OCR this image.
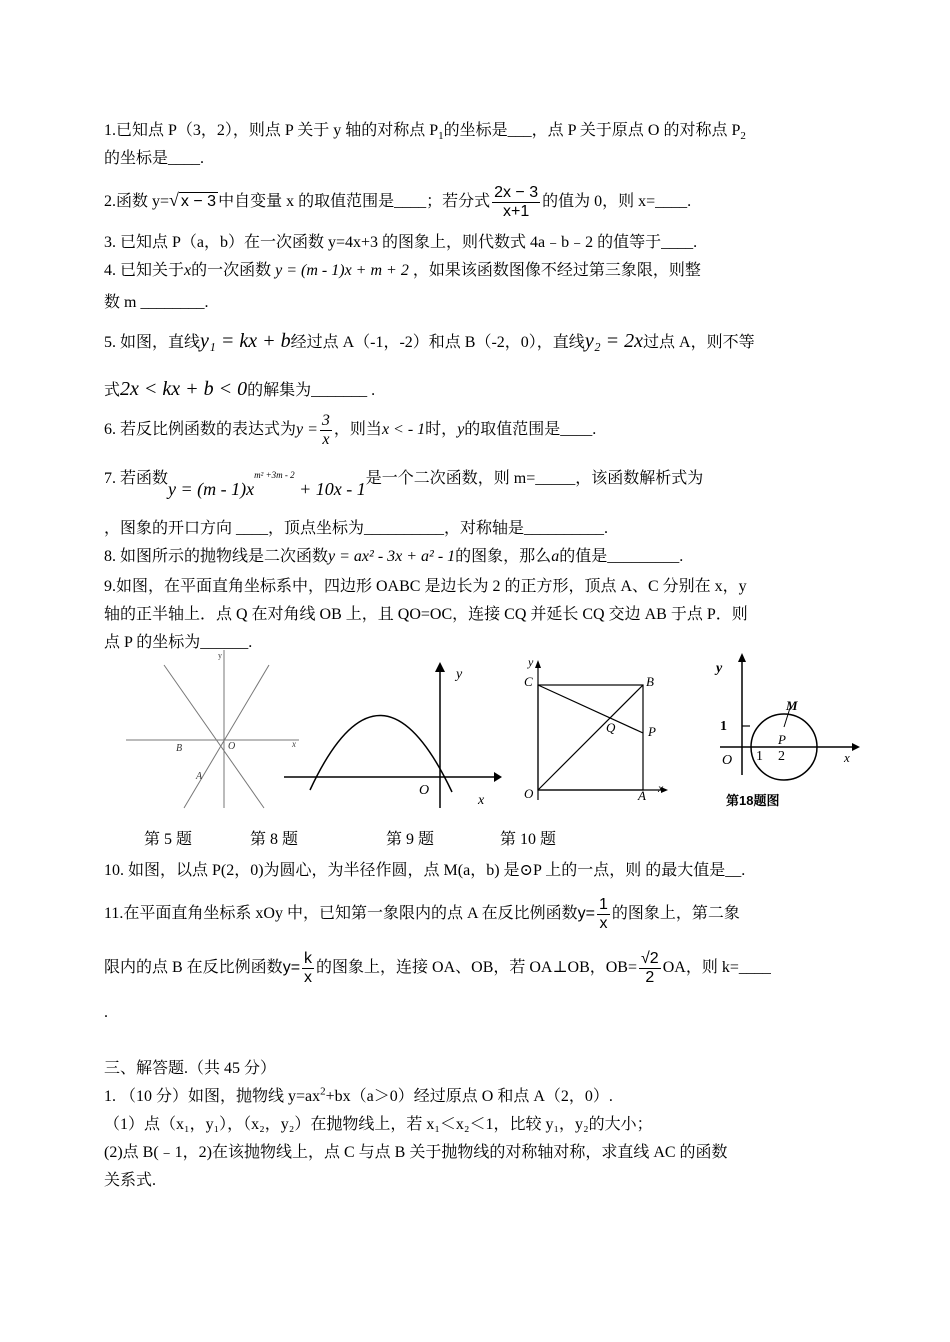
1.已知点 P（3，2），则点 P 关于 y 轴的对称点 $P_1$的坐标是___，点 P 关于原点 O 的对称点 $P_2$
的坐标是____.
2.函数 y=√ x − 3 中自变量 x 的取值范围是____；若分式 $\frac{2x - 3}{x+1}$ 的值为 0，则 x=____.
3. 已知点 P（a，b）在一次函数 y=4x+3 的图象上，则代数式 4a﹣b﹣2 的值等于____.
4. 已知关于x的一次函数 y = (m - 1)x + m + 2 ，如果该函数图像不经过第三象限，则整
数 m ________.
5. 如图，直线y₁ = kx + b经过点 A（-1，-2）和点 B（-2，0），直线y₂ = 2x过点 A，则不等
式2x < kx + b < 0的解集为_______ .
6. 若反比例函数的表达式为$y = \frac{3}{x}$ ，则当x < - 1时，y的取值范围是____.
7. 若函数$y = (m - 1)x^{m^2 +3m - 2} + 10x - 1$是一个二次函数，则 m=_____，该函数解析式为
，图象的开口方向 ____，顶点坐标为__________，对称轴是__________.
8. 如图所示的抛物线是二次函数y = ax² - 3x + a² - 1的图象，那么a的值是_________.
9.如图，在平面直角坐标系中，四边形 OABC 是边长为 2 的正方形，顶点 A、C 分别在 x，y
轴的正半轴上．点 Q 在对角线 OB 上，且 QO=OC，连接 CQ 并延长 CQ 交边 AB 于点 P．则
点 P 的坐标为______.
y
x
B	O
A
y
O
x
y
C	B
Q	P
O	A x
y
M
1
P
O 1 2	x
第18题图
第 5 题	第 8 题	第 9 题	第 10 题
10. 如图，以点 P(2，0)为圆心，为半径作圆，点 M(a，b) 是⊙P 上的一点，则 的最大值是__.
11.在平面直角坐标系 xOy 中，已知第一象限内的点 A 在反比例函数$y= \frac{1}{x}$ 的图象上，第二象
限内的点 B 在反比例函数$y= \frac{k}{x}$ 的图象上，连接 OA、OB，若 OA⊥OB，$OB= \frac{√2}{2}$ OA，则 k=____
.
三、解答题.（共 45 分）
1. （10 分）如图，抛物线 $y=ax^2+bx(a>0)$经过原点 O 和点 A（2，0）.
（1）点（x₁，y₁），（x₂，y₂）在抛物线上，若 x₁＜x₂＜1，比较 y₁，y₂的大小；
(2)点 B(﹣1，2)在该抛物线上，点 C 与点 B 关于抛物线的对称轴对称，求直线 AC 的函数
关系式.
